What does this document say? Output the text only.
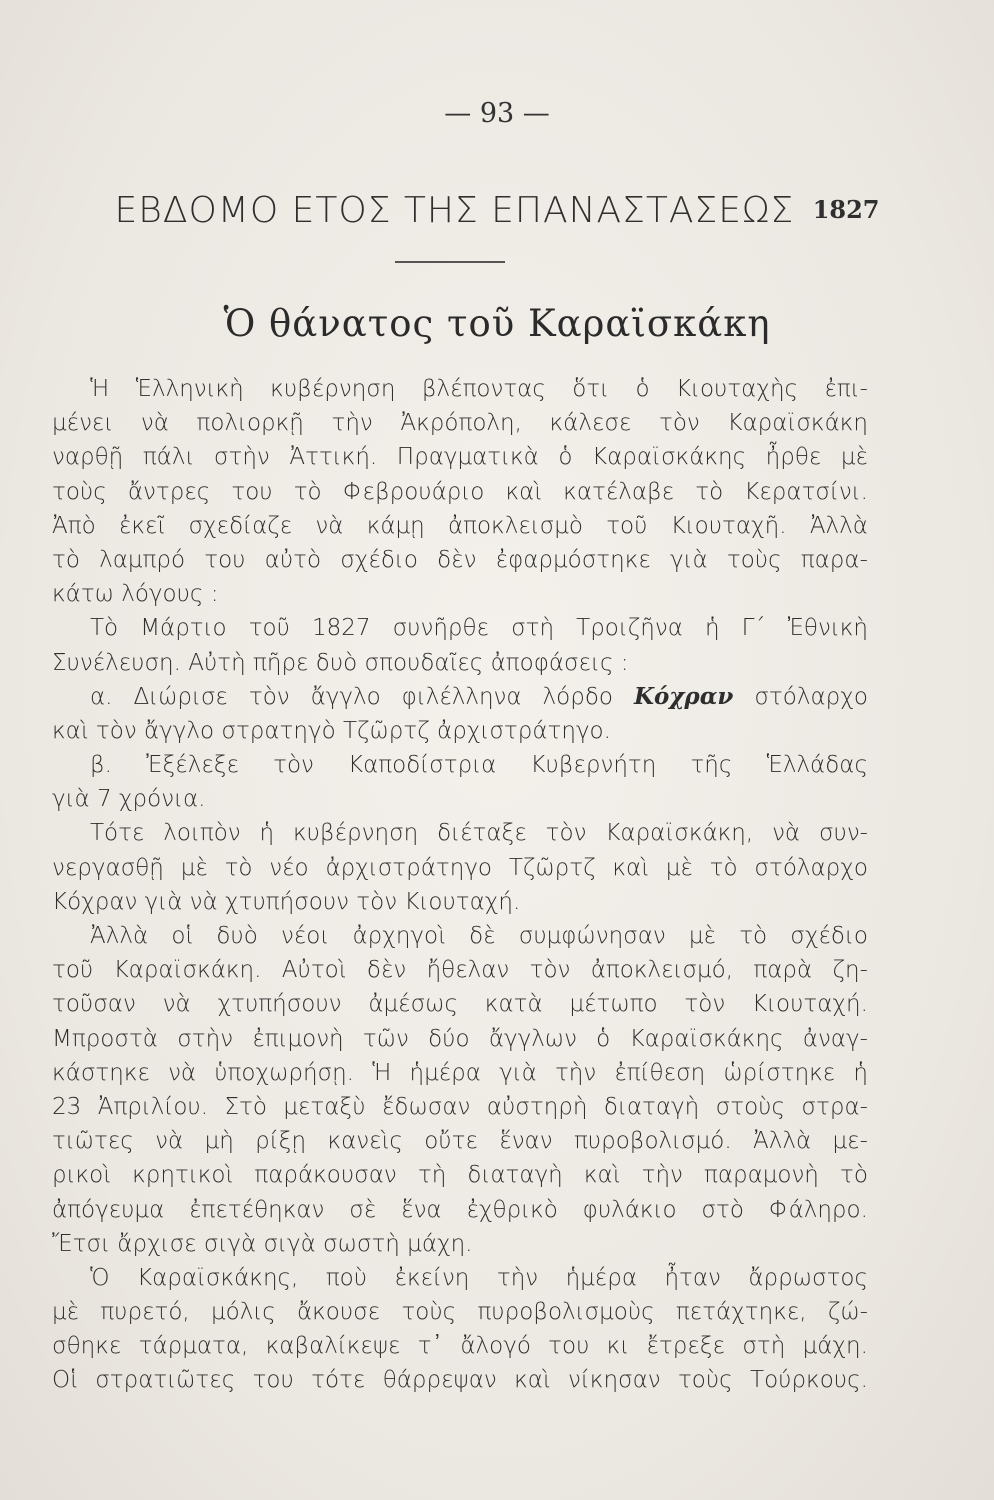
— 93 —
ΕΒΔΟΜΟ ΕΤΟΣ ΤΗΣ ΕΠΑΝΑΣΤΑΣΕΩΣ 1827
Ὁ θάνατος τοῦ Καραϊσκάκη
Ἡ Ἑλληνικὴ κυβέρνηση βλέποντας ὅτι ὁ Κιουταχὴς ἐπι-
μένει νὰ πολιορκῇ τὴν Ἀκρόπολη, κάλεσε τὸν Καραϊσκάκη
ναρθῇ πάλι στὴν Ἀττική. Πραγματικὰ ὁ Καραϊσκάκης ἦρθε μὲ
τοὺς ἄντρες του τὸ Φεβρουάριο καὶ κατέλαβε τὸ Κερατσίνι.
Ἀπὸ ἐκεῖ σχεδίαζε νὰ κάμῃ ἀποκλεισμὸ τοῦ Κιουταχῆ. Ἀλλὰ
τὸ λαμπρό του αὐτὸ σχέδιο δὲν ἐφαρμόστηκε γιὰ τοὺς παρα-
κάτω λόγους :
Τὸ Μάρτιο τοῦ 1827 συνῆρθε στὴ Τροιζῆνα ἡ Γ΄ Ἐθνικὴ
Συνέλευση. Αὐτὴ πῆρε δυὸ σπουδαῖες ἀποφάσεις :
α. Διώρισε τὸν ἄγγλο φιλέλληνα λόρδο Κόχραν στόλαρχο
καὶ τὸν ἄγγλο στρατηγὸ Τζῶρτζ ἀρχιστράτηγο.
β. Ἐξέλεξε τὸν Καποδίστρια Κυβερνήτη τῆς Ἑλλάδας
γιὰ 7 χρόνια.
Τότε λοιπὸν ἡ κυβέρνηση διέταξε τὸν Καραϊσκάκη, νὰ συν-
νεργασθῇ μὲ τὸ νέο ἀρχιστράτηγο Τζῶρτζ καὶ μὲ τὸ στόλαρχο
Κόχραν γιὰ νὰ χτυπήσουν τὸν Κιουταχή.
Ἀλλὰ οἱ δυὸ νέοι ἀρχηγοὶ δὲ συμφώνησαν μὲ τὸ σχέδιο
τοῦ Καραϊσκάκη. Αὐτοὶ δὲν ἤθελαν τὸν ἀποκλεισμό, παρὰ ζη-
τοῦσαν νὰ χτυπήσουν ἀμέσως κατὰ μέτωπο τὸν Κιουταχή.
Μπροστὰ στὴν ἐπιμονὴ τῶν δύο ἄγγλων ὁ Καραϊσκάκης ἀναγ-
κάστηκε νὰ ὑποχωρήσῃ. Ἡ ἡμέρα γιὰ τὴν ἐπίθεση ὡρίστηκε ἡ
23 Ἀπριλίου. Στὸ μεταξὺ ἔδωσαν αὐστηρὴ διαταγὴ στοὺς στρα-
τιῶτες νὰ μὴ ρίξῃ κανεὶς οὔτε ἕναν πυροβολισμό. Ἀλλὰ με-
ρικοὶ κρητικοὶ παράκουσαν τὴ διαταγὴ καὶ τὴν παραμονὴ τὸ
ἀπόγευμα ἐπετέθηκαν σὲ ἕνα ἐχθρικὸ φυλάκιο στὸ Φάληρο.
Ἔτσι ἄρχισε σιγὰ σιγὰ σωστὴ μάχη.
Ὁ Καραϊσκάκης, ποὺ ἐκείνη τὴν ἡμέρα ἦταν ἄρρωστος
μὲ πυρετό, μόλις ἄκουσε τοὺς πυροβολισμοὺς πετάχτηκε, ζώ-
σθηκε τάρματα, καβαλίκεψε τ᾽ ἄλογό του κι ἔτρεξε στὴ μάχη.
Οἱ στρατιῶτες του τότε θάρρεψαν καὶ νίκησαν τοὺς Τούρκους.
